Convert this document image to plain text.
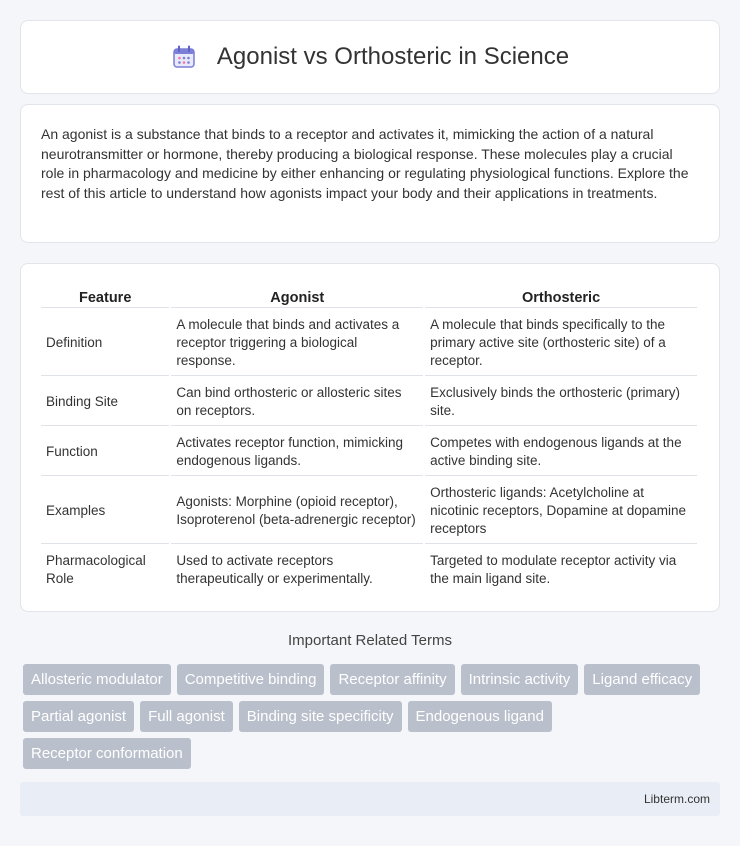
Agonist vs Orthosteric in Science

An agonist is a substance that binds to a receptor and activates it, mimicking the action of a natural neurotransmitter or hormone, thereby producing a biological response. These molecules play a crucial role in pharmacology and medicine by either enhancing or regulating physiological functions. Explore the rest of this article to understand how agonists impact your body and their applications in treatments.

Feature	Agonist	Orthosteric
Definition	A molecule that binds and activates a receptor triggering a biological response.	A molecule that binds specifically to the primary active site (orthosteric site) of a receptor.
Binding Site	Can bind orthosteric or allosteric sites on receptors.	Exclusively binds the orthosteric (primary) site.
Function	Activates receptor function, mimicking endogenous ligands.	Competes with endogenous ligands at the active binding site.
Examples	Agonists: Morphine (opioid receptor), Isoproterenol (beta-adrenergic receptor)	Orthosteric ligands: Acetylcholine at nicotinic receptors, Dopamine at dopamine receptors
Pharmacological Role	Used to activate receptors therapeutically or experimentally.	Targeted to modulate receptor activity via the main ligand site.
Important Related Terms
Allosteric modulator	Competitive binding	Receptor affinity	Intrinsic activity	Ligand efficacy
Partial agonist	Full agonist	Binding site specificity	Endogenous ligand
Receptor conformation
Libterm.com
